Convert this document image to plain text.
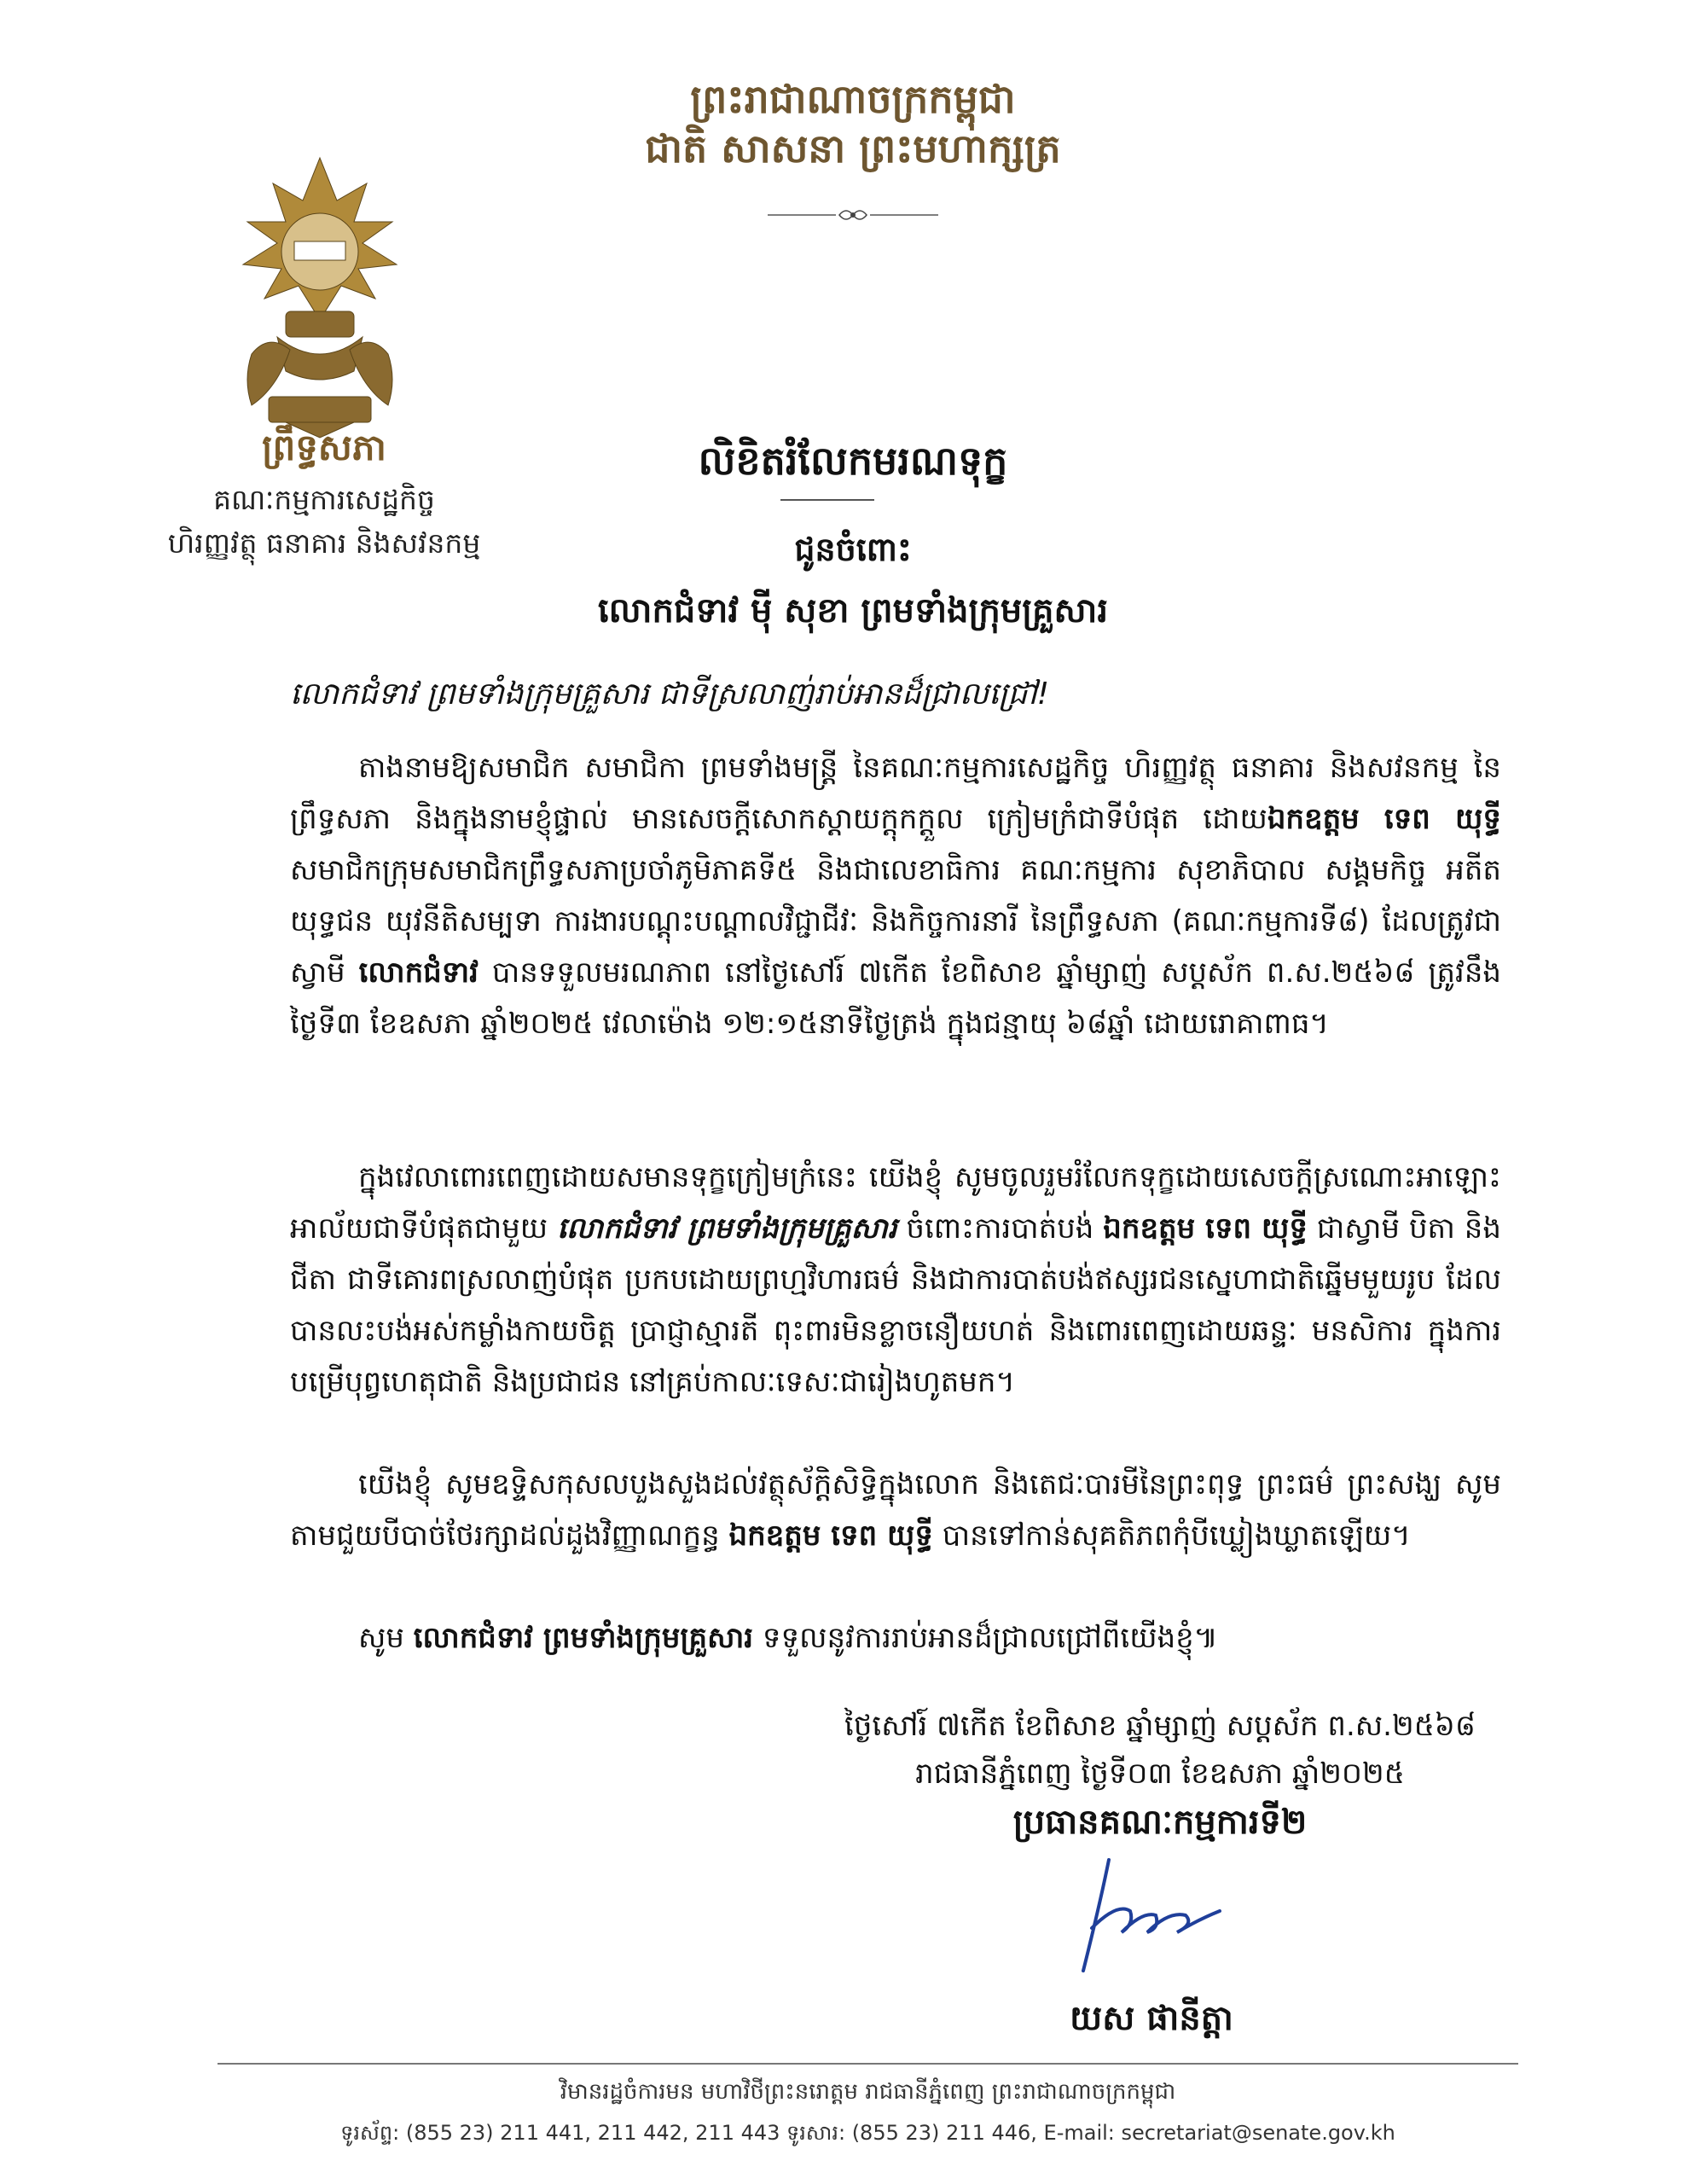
ព្រះរាជាណាចក្រកម្ពុជា
ជាតិ សាសនា ព្រះមហាក្សត្រ
ព្រឹទ្ធសភា
គណៈកម្មការសេដ្ឋកិច្ច
ហិរញ្ញវត្ថុ ធនាគារ និងសវនកម្ម
លិខិតរំលែកមរណទុក្ខ
ជូនចំពោះ
លោកជំទាវ មុី សុខា ព្រមទាំងក្រុមគ្រួសារ
លោកជំទាវ ព្រមទាំងក្រុមគ្រួសារ ជាទីស្រលាញ់រាប់អានដ៏ជ្រាលជ្រៅ!
តាងនាមឱ្យសមាជិក សមាជិកា ព្រមទាំងមន្ត្រី នៃគណៈកម្មការសេដ្ឋកិច្ច ហិរញ្ញវត្ថុ ធនាគារ និងសវនកម្ម នៃព្រឹទ្ធសភា និងក្នុងនាមខ្ញុំផ្ទាល់ មានសេចក្តីសោកស្តាយក្តុកក្តួល ក្រៀមក្រំជាទីបំផុត ដោយឯកឧត្តម ទេព យុទ្ធី សមាជិកក្រុមសមាជិកព្រឹទ្ធសភាប្រចាំភូមិភាគទី៥ និងជាលេខាធិការ គណៈកម្មការ សុខាភិបាល សង្គមកិច្ច អតីតយុទ្ធជន យុវនីតិសម្បទា ការងារបណ្តុះបណ្តាលវិជ្ជាជីវៈ និងកិច្ចការនារី នៃព្រឹទ្ធសភា (គណៈកម្មការទី៨) ដែលត្រូវជាស្វាមី លោកជំទាវ បានទទួលមរណភាព នៅថ្ងៃសៅរ៍ ៧កើត ខែពិសាខ ឆ្នាំម្សាញ់ សប្តស័ក ព.ស.២៥៦៨ ត្រូវនឹងថ្ងៃទី៣ ខែឧសភា ឆ្នាំ២០២៥ វេលាម៉ោង ១២:១៥នាទីថ្ងៃត្រង់ ក្នុងជន្មាយុ ៦៨ឆ្នាំ ដោយរោគាពាធ។
ក្នុងវេលាពោរពេញដោយសមានទុក្ខក្រៀមក្រំនេះ យើងខ្ញុំ សូមចូលរួមរំលែកទុក្ខដោយសេចក្តីស្រណោះអាឡោះអាល័យជាទីបំផុតជាមួយ លោកជំទាវ ព្រមទាំងក្រុមគ្រួសារ ចំពោះការបាត់បង់ ឯកឧត្តម ទេព យុទ្ធី ជាស្វាមី បិតា និងជីតា ជាទីគោរពស្រលាញ់បំផុត ប្រកបដោយព្រហ្មវិហារធម៌ និងជាការបាត់បង់ឥស្សរជនស្នេហាជាតិឆ្នើមមួយរូប ដែលបានលះបង់អស់កម្លាំងកាយចិត្ត ប្រាជ្ញាស្មារតី ពុះពារមិនខ្លាចនឿយហត់ និងពោរពេញដោយឆន្ទៈ មនសិការ ក្នុងការបម្រើបុព្វហេតុជាតិ និងប្រជាជន នៅគ្រប់កាលៈទេសៈជារៀងហូតមក។
យើងខ្ញុំ សូមឧទ្ទិសកុសលបួងសួងដល់វត្ថុស័ក្តិសិទ្ធិក្នុងលោក និងតេជៈបារមីនៃព្រះពុទ្ធ ព្រះធម៌ ព្រះសង្ឃ សូមតាមជួយបីបាច់ថែរក្សាដល់ដួងវិញ្ញាណក្ខន្ធ ឯកឧត្តម ទេព យុទ្ធី បានទៅកាន់សុគតិភពកុំបីឃ្លៀងឃ្លាតឡើយ។
សូម លោកជំទាវ ព្រមទាំងក្រុមគ្រួសារ ទទួលនូវការរាប់អានដ៏ជ្រាលជ្រៅពីយើងខ្ញុំ៕
ថ្ងៃសៅរ៍ ៧កើត ខែពិសាខ ឆ្នាំម្សាញ់ សប្តស័ក ព.ស.២៥៦៨
រាជធានីភ្នំពេញ ថ្ងៃទី០៣ ខែឧសភា ឆ្នាំ២០២៥
ប្រធានគណៈកម្មការទី២
យស ផានីត្តា
វិមានរដ្ឋចំការមន មហាវិថីព្រះនរោត្តម រាជធានីភ្នំពេញ ព្រះរាជាណាចក្រកម្ពុជា
ទូរស័ព្ទ: (855 23) 211 441, 211 442, 211 443 ទូរសារ: (855 23) 211 446, E-mail: secretariat@senate.gov.kh
